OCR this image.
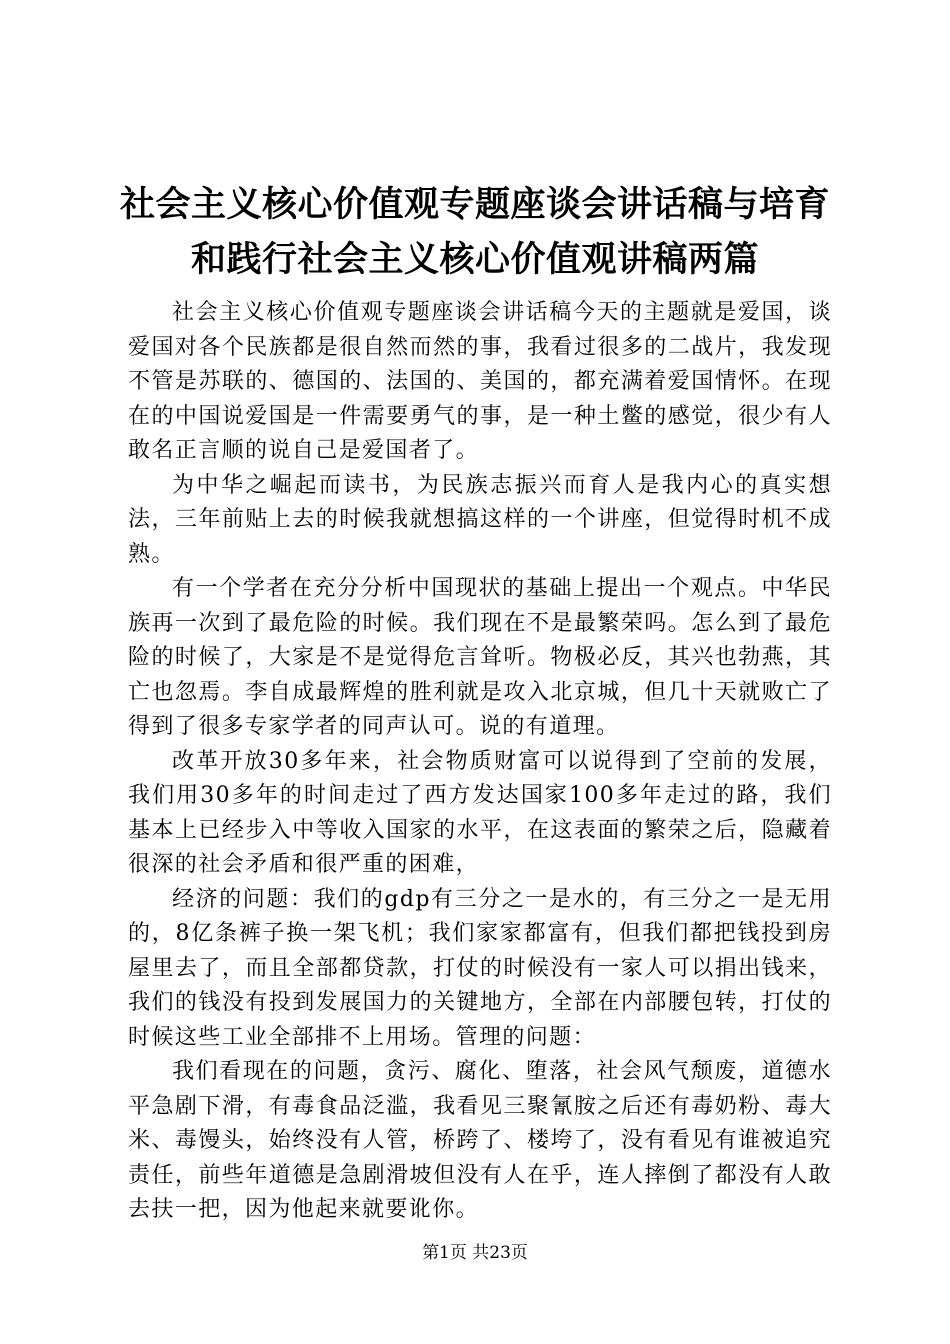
社会主义核心价值观专题座谈会讲话稿与培育
和践行社会主义核心价值观讲稿两篇

社会主义核心价值观专题座谈会讲话稿今天的主题就是爱国，谈爱国对各个民族都是很自然而然的事，我看过很多的二战片，我发现不管是苏联的、德国的、法国的、美国的，都充满着爱国情怀。在现在的中国说爱国是一件需要勇气的事，是一种土鳖的感觉，很少有人敢名正言顺的说自己是爱国者了。

为中华之崛起而读书，为民族志振兴而育人是我内心的真实想法，三年前贴上去的时候我就想搞这样的一个讲座，但觉得时机不成熟。

有一个学者在充分分析中国现状的基础上提出一个观点。中华民族再一次到了最危险的时候。我们现在不是最繁荣吗。怎么到了最危险的时候了，大家是不是觉得危言耸听。物极必反，其兴也勃燕，其亡也忽焉。李自成最辉煌的胜利就是攻入北京城，但几十天就败亡了得到了很多专家学者的同声认可。说的有道理。

改革开放30多年来，社会物质财富可以说得到了空前的发展，我们用30多年的时间走过了西方发达国家100多年走过的路，我们基本上已经步入中等收入国家的水平，在这表面的繁荣之后，隐藏着很深的社会矛盾和很严重的困难，

经济的问题：我们的gdp有三分之一是水的，有三分之一是无用的，8亿条裤子换一架飞机；我们家家都富有，但我们都把钱投到房屋里去了，而且全部都贷款，打仗的时候没有一家人可以捐出钱来，我们的钱没有投到发展国力的关键地方，全部在内部腰包转，打仗的时候这些工业全部排不上用场。管理的问题：

我们看现在的问题，贪污、腐化、堕落，社会风气颓废，道德水平急剧下滑，有毒食品泛滥，我看见三聚氰胺之后还有毒奶粉、毒大米、毒馒头，始终没有人管，桥跨了、楼垮了，没有看见有谁被追究责任，前些年道德是急剧滑坡但没有人在乎，连人摔倒了都没有人敢去扶一把，因为他起来就要讹你。

第1页 共23页
